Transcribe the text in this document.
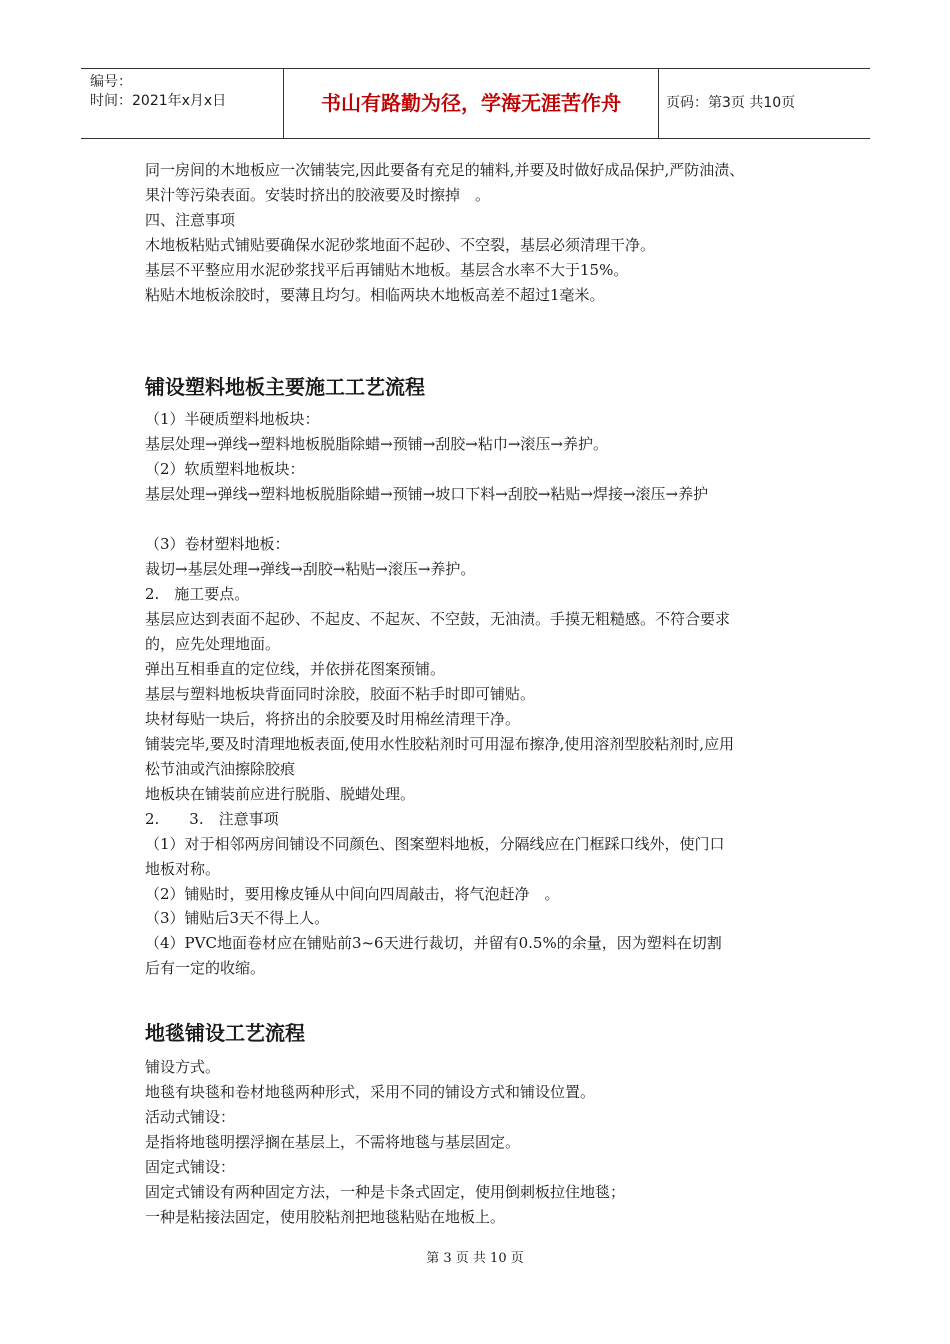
编号：
时间：2021年x月x日	书山有路勤为径，学海无涯苦作舟	页码：第3页 共10页
同一房间的木地板应一次铺装完,因此要备有充足的辅料,并要及时做好成品保护,严防油渍、
果汁等污染表面。安装时挤出的胶液要及时擦掉　。
四、注意事项
木地板粘贴式铺贴要确保水泥砂浆地面不起砂、不空裂，基层必须清理干净。
基层不平整应用水泥砂浆找平后再铺贴木地板。基层含水率不大于15%。
粘贴木地板涂胶时，要薄且均匀。相临两块木地板高差不超过1毫米。
铺设塑料地板主要施工工艺流程
（1）半硬质塑料地板块：
基层处理→弹线→塑料地板脱脂除蜡→预铺→刮胶→粘巾→滚压→养护。
（2）软质塑料地板块：
基层处理→弹线→塑料地板脱脂除蜡→预铺→坡口下料→刮胶→粘贴→焊接→滚压→养护
（3）卷材塑料地板：
裁切→基层处理→弹线→刮胶→粘贴→滚压→养护。
2.　施工要点。
基层应达到表面不起砂、不起皮、不起灰、不空鼓，无油渍。手摸无粗糙感。不符合要求
的，应先处理地面。
弹出互相垂直的定位线，并依拼花图案预铺。
基层与塑料地板块背面同时涂胶，胶面不粘手时即可铺贴。
块材每贴一块后，将挤出的余胶要及时用棉丝清理干净。
铺装完毕,要及时清理地板表面,使用水性胶粘剂时可用湿布擦净,使用溶剂型胶粘剂时,应用
松节油或汽油擦除胶痕
地板块在铺装前应进行脱脂、脱蜡处理。
2.　　3.　注意事项
（1）对于相邻两房间铺设不同颜色、图案塑料地板，分隔线应在门框踩口线外，使门口
地板对称。
（2）铺贴时，要用橡皮锤从中间向四周敲击，将气泡赶净　。
（3）铺贴后3天不得上人。
（4）PVC地面卷材应在铺贴前3~6天进行裁切，并留有0.5%的余量，因为塑料在切割
后有一定的收缩。
地毯铺设工艺流程
铺设方式。
地毯有块毯和卷材地毯两种形式，采用不同的铺设方式和铺设位置。
活动式铺设：
是指将地毯明摆浮搁在基层上，不需将地毯与基层固定。
固定式铺设：
固定式铺设有两种固定方法，一种是卡条式固定，使用倒刺板拉住地毯；
一种是粘接法固定，使用胶粘剂把地毯粘贴在地板上。
第 3 页 共 10 页
